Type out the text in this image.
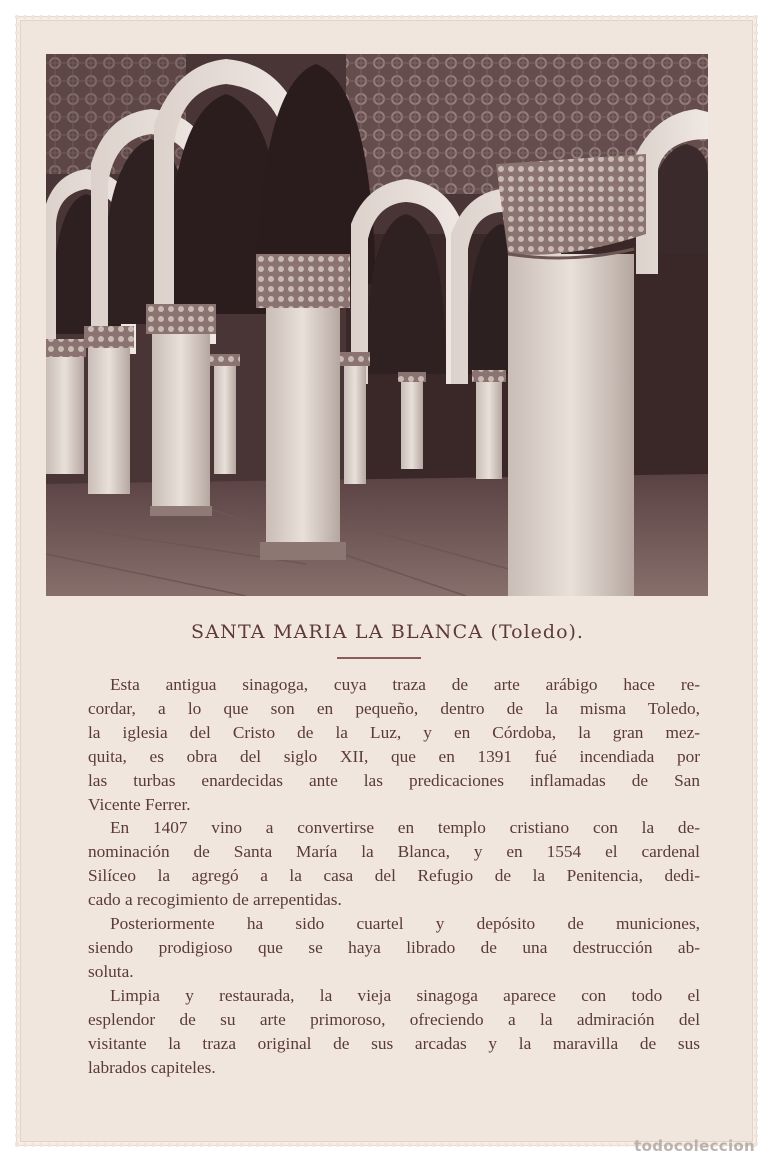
SANTA MARIA LA BLANCA (Toledo).
Esta antigua sinagoga, cuya traza de arte arábigo hace re-
cordar, a lo que son en pequeño, dentro de la misma Toledo,
la iglesia del Cristo de la Luz, y en Córdoba, la gran mez-
quita, es obra del siglo XII, que en 1391 fué incendiada por
las turbas enardecidas ante las predicaciones inflamadas de San
Vicente Ferrer.
En 1407 vino a convertirse en templo cristiano con la de-
nominación de Santa María la Blanca, y en 1554 el cardenal
Silíceo la agregó a la casa del Refugio de la Penitencia, dedi-
cado a recogimiento de arrepentidas.
Posteriormente ha sido cuartel y depósito de municiones,
siendo prodigioso que se haya librado de una destrucción ab-
soluta.
Limpia y restaurada, la vieja sinagoga aparece con todo el
esplendor de su arte primoroso, ofreciendo a la admiración del
visitante la traza original de sus arcadas y la maravilla de sus
labrados capiteles.
todocoleccion
